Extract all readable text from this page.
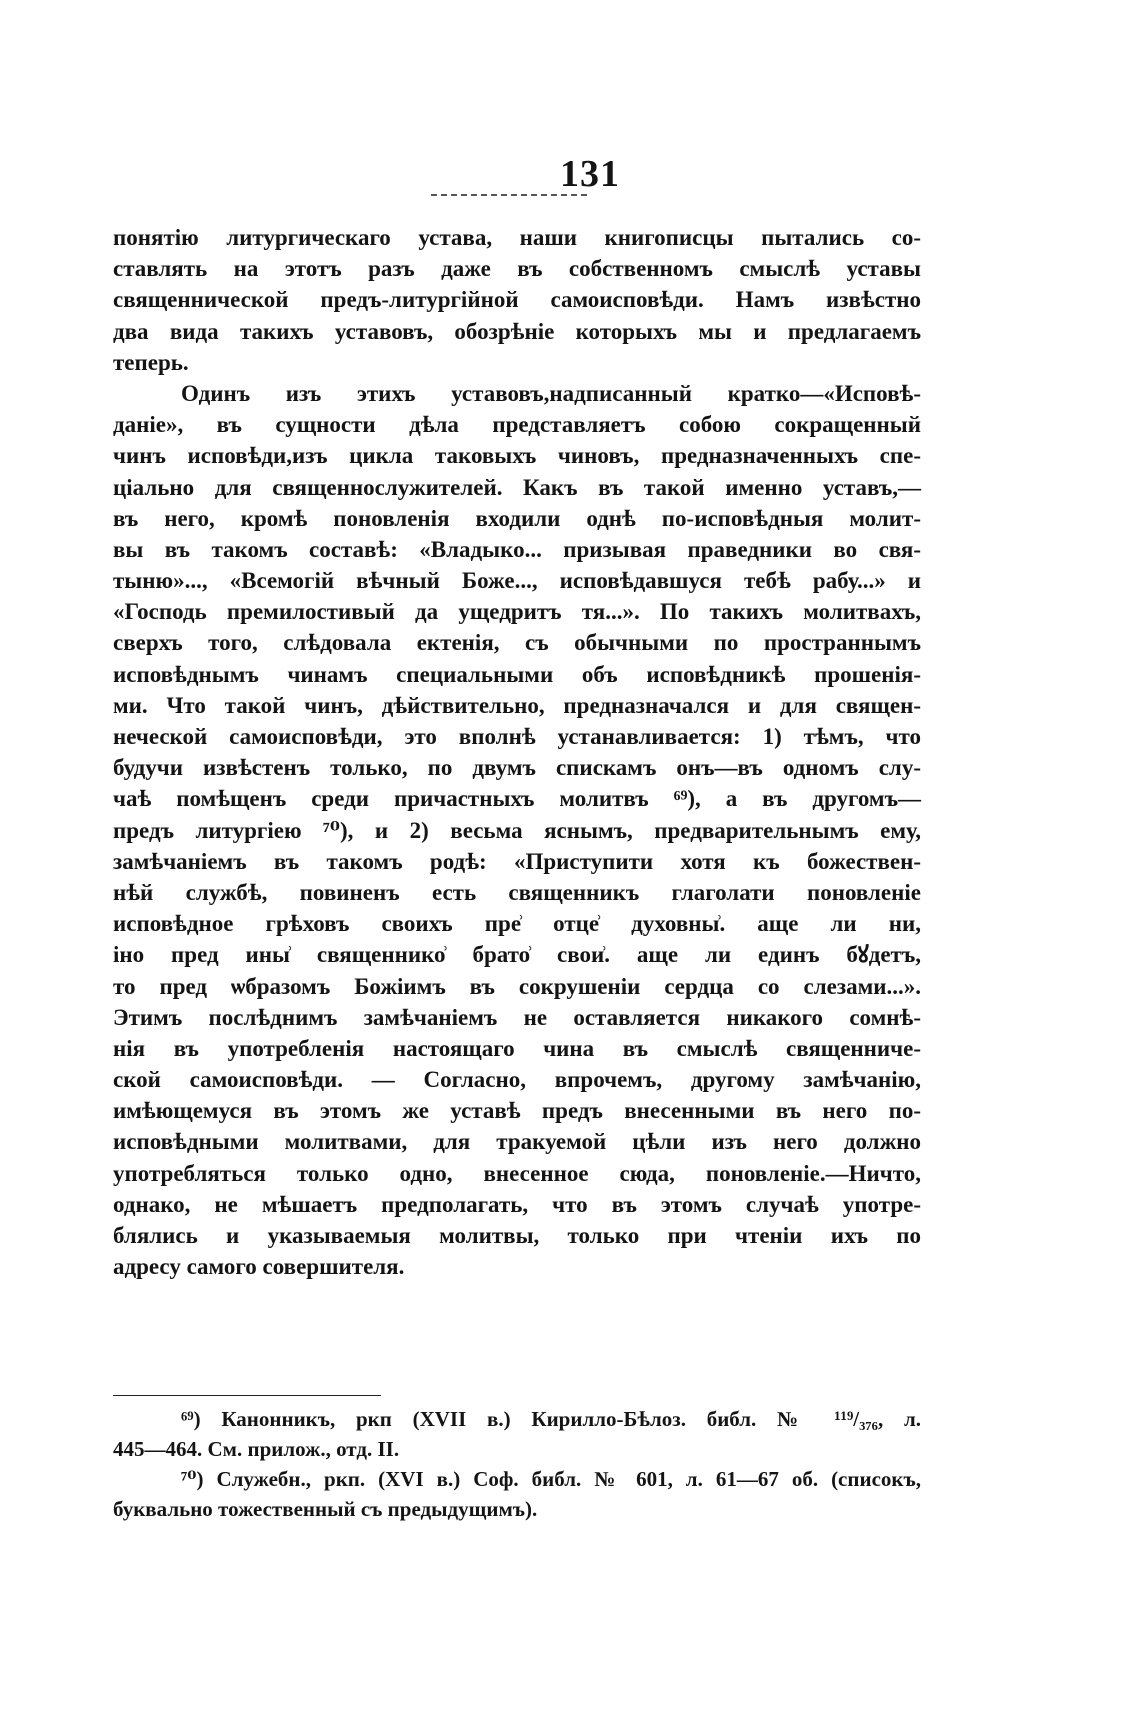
131
понятію литургическаго устава, наши книгописцы пытались со-
ставлять на этотъ разъ даже въ собственномъ смыслѣ уставы
священнической предъ-литургійной самоисповѣди. Намъ извѣстно
два вида такихъ уставовъ, обозрѣніе которыхъ мы и предлагаемъ
теперь.
Одинъ изъ этихъ уставовъ,надписанный кратко—«Исповѣ-
даніе», въ сущности дѣла представляетъ собою сокращенный
чинъ исповѣди,изъ цикла таковыхъ чиновъ, предназначенныхъ спе-
ціально для священнослужителей. Какъ въ такой именно уставъ,—
въ него, кромѣ поновленія входили однѣ по-исповѣдныя молит-
вы въ такомъ составѣ: «Владыко... призывая праведники во свя-
тыню»..., «Всемогій вѣчный Боже..., исповѣдавшуся тебѣ рабу...» и
«Господь премилостивый да ущедритъ тя...». По такихъ молитвахъ,
сверхъ того, слѣдовала ектенія, съ обычными по пространнымъ
исповѣднымъ чинамъ специальными объ исповѣдникѣ прошенія-
ми. Что такой чинъ, дѣйствительно, предназначался и для священ-
неческой самоисповѣди, это вполнѣ устанавливается: 1) тѣмъ, что
будучи извѣстенъ только, по двумъ спискамъ онъ—въ одномъ слу-
чаѣ помѣщенъ среди причастныхъ молитвъ ⁶⁹), а въ другомъ—
предъ литургіею ⁷⁰), и 2) весьма яснымъ, предварительнымъ ему,
замѣчаніемъ въ такомъ родѣ: «Приступити хотя къ божествен-
нѣй службѣ, повиненъ есть священникъ глаголати поновленіе
исповѣдное грѣховъ своихъ пре͗ отце͗ духовны͗. аще ли ни,
іно пред ины͗ священнико͗ брато͗ свои͗. аще ли единъ бꙋдетъ,
то пред ѡбразомъ Божіимъ въ сокрушеніи сердца со слезами...».
Этимъ послѣднимъ замѣчаніемъ не оставляется никакого сомнѣ-
нія въ употребленія настоящаго чина въ смыслѣ священниче-
ской самоисповѣди. — Согласно, впрочемъ, другому замѣчанію,
имѣющемуся въ этомъ же уставѣ предъ внесенными въ него по-
исповѣдными молитвами, для тракуемой цѣли изъ него должно
употребляться только одно, внесенное сюда, поновленіе.—Ничто,
однако, не мѣшаетъ предполагать, что въ этомъ случаѣ употре-
блялись и указываемыя молитвы, только при чтеніи ихъ по
адресу самого совершителя.
⁶⁹) Канонникъ, ркп (XVII в.) Кирилло-Бѣлоз. библ. № ¹¹⁹/₃₇₆, л.
445—464. См. прилож., отд. II.
⁷⁰) Служебн., ркп. (XVI в.) Соф. библ. № 601, л. 61—67 об. (списокъ,
буквально тожественный съ предыдущимъ).
